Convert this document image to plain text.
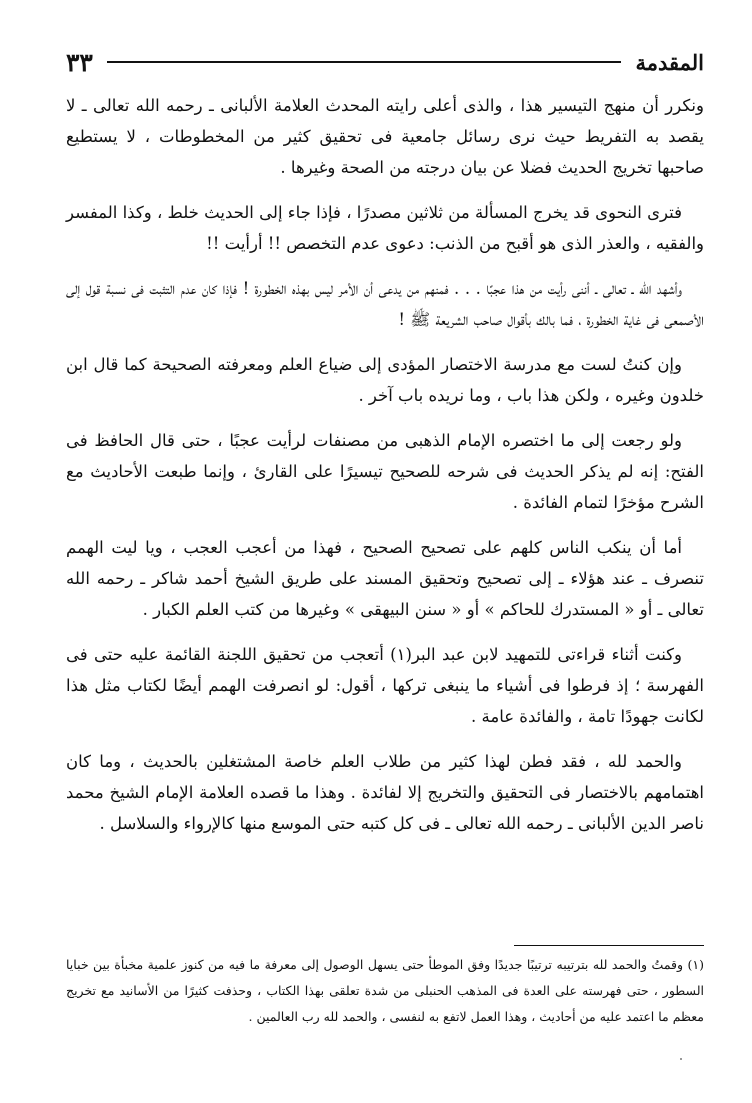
المقدمة
٣٣

ونكرر أن منهج التيسير هذا ، والذى أعلى رايته المحدث العلامة الألبانى ـ رحمه الله تعالى ـ لا يقصد به التفريط حيث نرى رسائل جامعية فى تحقيق كثير من المخطوطات ، لا يستطيع صاحبها تخريج الحديث فضلا عن بيان درجته من الصحة وغيرها .

فترى النحوى قد يخرج المسألة من ثلاثين مصدرًا ، فإذا جاء إلى الحديث خلط ، وكذا المفسر والفقيه ، والعذر الذى هو أقبح من الذنب: دعوى عدم التخصص !! أرأيت !!

وأشهد الله ـ تعالى ـ أننى رأيت من هذا عجبًا . . . فمنهم من يدعى أن الأمر ليس بهذه الخطورة ! فإذا كان عدم التثبت فى نسبة قول إلى الأصمعى فى غاية الخطورة ، فما بالك بأقوال صاحب الشريعة ﷺ !

وإن كنتُ لست مع مدرسة الاختصار المؤدى إلى ضياع العلم ومعرفته الصحيحة كما قال ابن خلدون وغيره ، ولكن هذا باب ، وما نريده باب آخر .

ولو رجعت إلى ما اختصره الإمام الذهبى من مصنفات لرأيت عجبًا ، حتى قال الحافظ فى الفتح: إنه لم يذكر الحديث فى شرحه للصحيح تيسيرًا على القارئ ، وإنما طبعت الأحاديث مع الشرح مؤخرًا لتمام الفائدة .

أما أن ينكب الناس كلهم على تصحيح الصحيح ، فهذا من أعجب العجب ، ويا ليت الهمم تنصرف ـ عند هؤلاء ـ إلى تصحيح وتحقيق المسند على طريق الشيخ أحمد شاكر ـ رحمه الله تعالى ـ أو « المستدرك للحاكم » أو « سنن البيهقى » وغيرها من كتب العلم الكبار .

وكنت أثناء قراءتى للتمهيد لابن عبد البر(١) أتعجب من تحقيق اللجنة القائمة عليه حتى فى الفهرسة ؛ إذ فرطوا فى أشياء ما ينبغى تركها ، أقول: لو انصرفت الهمم أيضًا لكتاب مثل هذا لكانت جهودًا تامة ، والفائدة عامة .

والحمد لله ، فقد فطن لهذا كثير من طلاب العلم خاصة المشتغلين بالحديث ، وما كان اهتمامهم بالاختصار فى التحقيق والتخريج إلا لفائدة . وهذا ما قصده العلامة الإمام الشيخ محمد ناصر الدين الألبانى ـ رحمه الله تعالى ـ فى كل كتبه حتى الموسع منها كالإرواء والسلاسل .

(١) وقمتُ والحمد لله بترتيبه ترتيبًا جديدًا وفق الموطأ حتى يسهل الوصول إلى معرفة ما فيه من كنوز علمية مخبأة بين خبايا السطور ، حتى فهرسته على العدة فى المذهب الحنبلى من شدة تعلقى بهذا الكتاب ، وحذفت كثيرًا من الأسانيد مع تخريج معظم ما اعتمد عليه من أحاديث ، وهذا العمل لاتفع به لنفسى ، والحمد لله رب العالمين .
